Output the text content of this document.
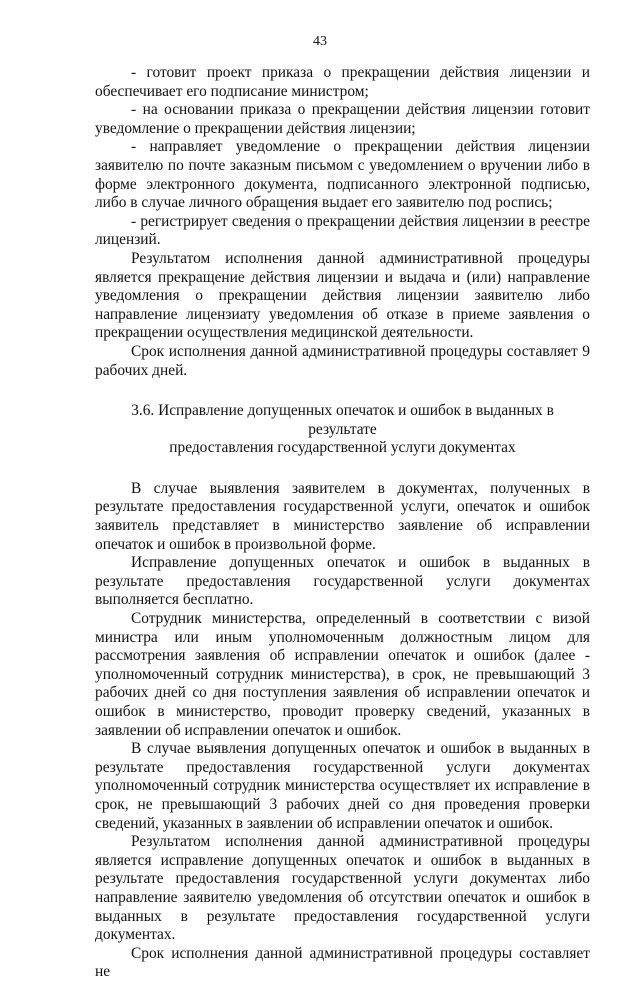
43

- готовит проект приказа о прекращении действия лицензии и обеспечивает его подписание министром;

- на основании приказа о прекращении действия лицензии готовит уведомление о прекращении действия лицензии;

- направляет уведомление о прекращении действия лицензии заявителю по почте заказным письмом с уведомлением о вручении либо в форме электронного документа, подписанного электронной подписью, либо в случае личного обращения выдает его заявителю под роспись;

- регистрирует сведения о прекращении действия лицензии в реестре лицензий.

Результатом исполнения данной административной процедуры является прекращение действия лицензии и выдача и (или) направление уведомления о прекращении действия лицензии заявителю либо направление лицензиату уведомления об отказе в приеме заявления о прекращении осуществления медицинской деятельности.

Срок исполнения данной административной процедуры составляет 9 рабочих дней.

3.6. Исправление допущенных опечаток и ошибок в выданных в результате
предоставления государственной услуги документах

В случае выявления заявителем в документах, полученных в результате предоставления государственной услуги, опечаток и ошибок заявитель представляет в министерство заявление об исправлении опечаток и ошибок в произвольной форме.

Исправление допущенных опечаток и ошибок в выданных в результате предоставления государственной услуги документах выполняется бесплатно.

Сотрудник министерства, определенный в соответствии с визой министра или иным уполномоченным должностным лицом для рассмотрения заявления об исправлении опечаток и ошибок (далее - уполномоченный сотрудник министерства), в срок, не превышающий 3 рабочих дней со дня поступления заявления об исправлении опечаток и ошибок в министерство, проводит проверку сведений, указанных в заявлении об исправлении опечаток и ошибок.

В случае выявления допущенных опечаток и ошибок в выданных в результате предоставления государственной услуги документах уполномоченный сотрудник министерства осуществляет их исправление в срок, не превышающий 3 рабочих дней со дня проведения проверки сведений, указанных в заявлении об исправлении опечаток и ошибок.

Результатом исполнения данной административной процедуры является исправление допущенных опечаток и ошибок в выданных в результате предоставления государственной услуги документах либо направление заявителю уведомления об отсутствии опечаток и ошибок в выданных в результате предоставления государственной услуги документах.

Срок исполнения данной административной процедуры составляет не
